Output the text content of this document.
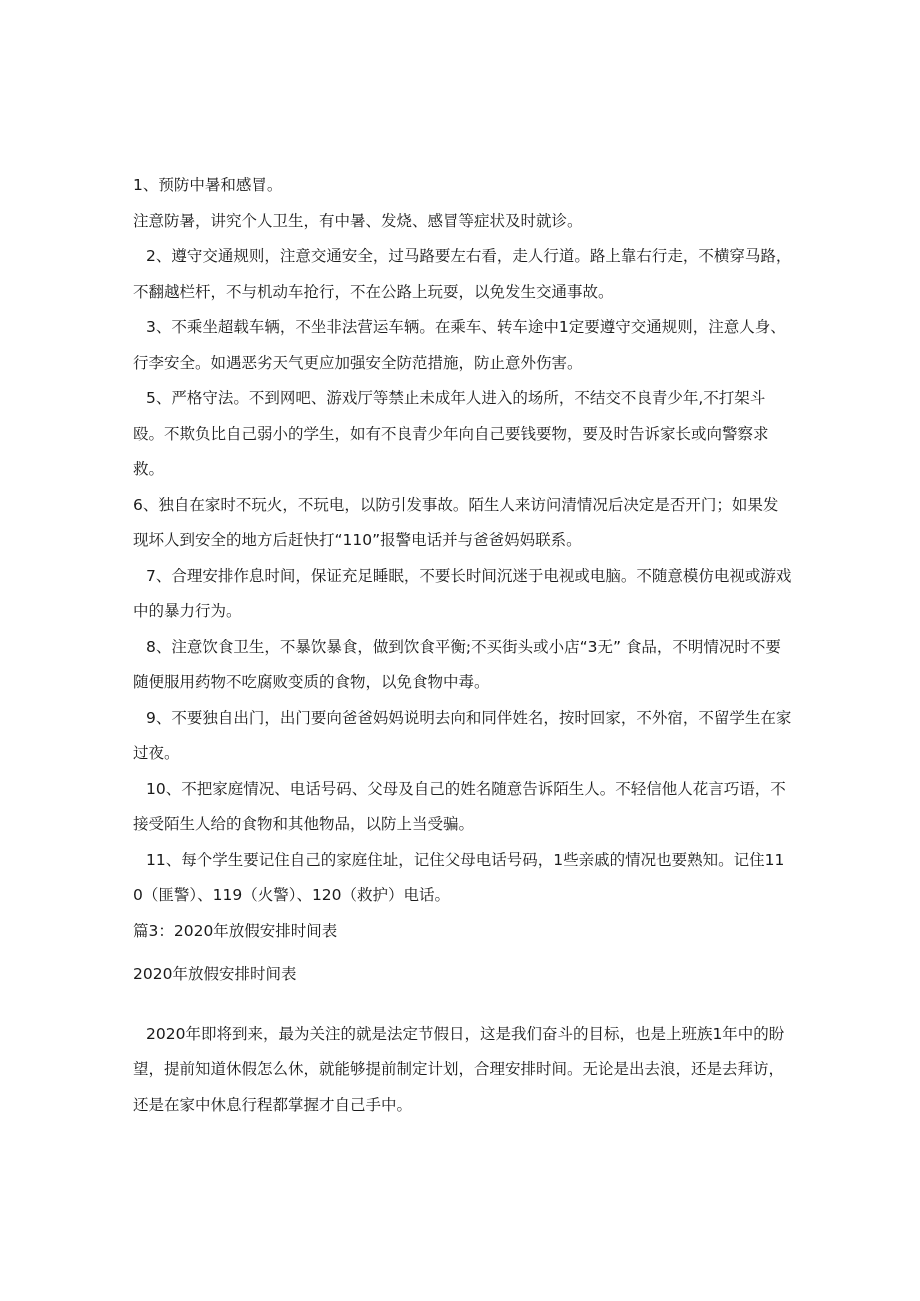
1、预防中暑和感冒。

注意防暑，讲究个人卫生，有中暑、发烧、感冒等症状及时就诊。

2、遵守交通规则，注意交通安全，过马路要左右看，走人行道。路上靠右行走，不横穿马路，不翻越栏杆，不与机动车抢行，不在公路上玩耍，以免发生交通事故。

3、不乘坐超载车辆，不坐非法营运车辆。在乘车、转车途中1定要遵守交通规则，注意人身、行李安全。如遇恶劣天气更应加强安全防范措施，防止意外伤害。

5、严格守法。不到网吧、游戏厅等禁止未成年人进入的场所，不结交不良青少年,不打架斗殴。不欺负比自己弱小的学生，如有不良青少年向自己要钱要物，要及时告诉家长或向警察求救。

6、独自在家时不玩火，不玩电，以防引发事故。陌生人来访问清情况后决定是否开门；如果发现坏人到安全的地方后赶快打“110”报警电话并与爸爸妈妈联系。

7、合理安排作息时间，保证充足睡眠，不要长时间沉迷于电视或电脑。不随意模仿电视或游戏中的暴力行为。

8、注意饮食卫生，不暴饮暴食，做到饮食平衡;不买街头或小店“3无” 食品，不明情况时不要随便服用药物不吃腐败变质的食物，以免食物中毒。

9、不要独自出门，出门要向爸爸妈妈说明去向和同伴姓名，按时回家，不外宿，不留学生在家过夜。

10、不把家庭情况、电话号码、父母及自己的姓名随意告诉陌生人。不轻信他人花言巧语，不接受陌生人给的食物和其他物品，以防上当受骗。

11、每个学生要记住自己的家庭住址，记住父母电话号码，1些亲戚的情况也要熟知。记住110（匪警）、119（火警）、120（救护）电话。

篇3：2020年放假安排时间表

2020年放假安排时间表

2020年即将到来，最为关注的就是法定节假日，这是我们奋斗的目标，也是上班族1年中的盼望，提前知道休假怎么休，就能够提前制定计划，合理安排时间。无论是出去浪，还是去拜访，还是在家中休息行程都掌握才自己手中。
